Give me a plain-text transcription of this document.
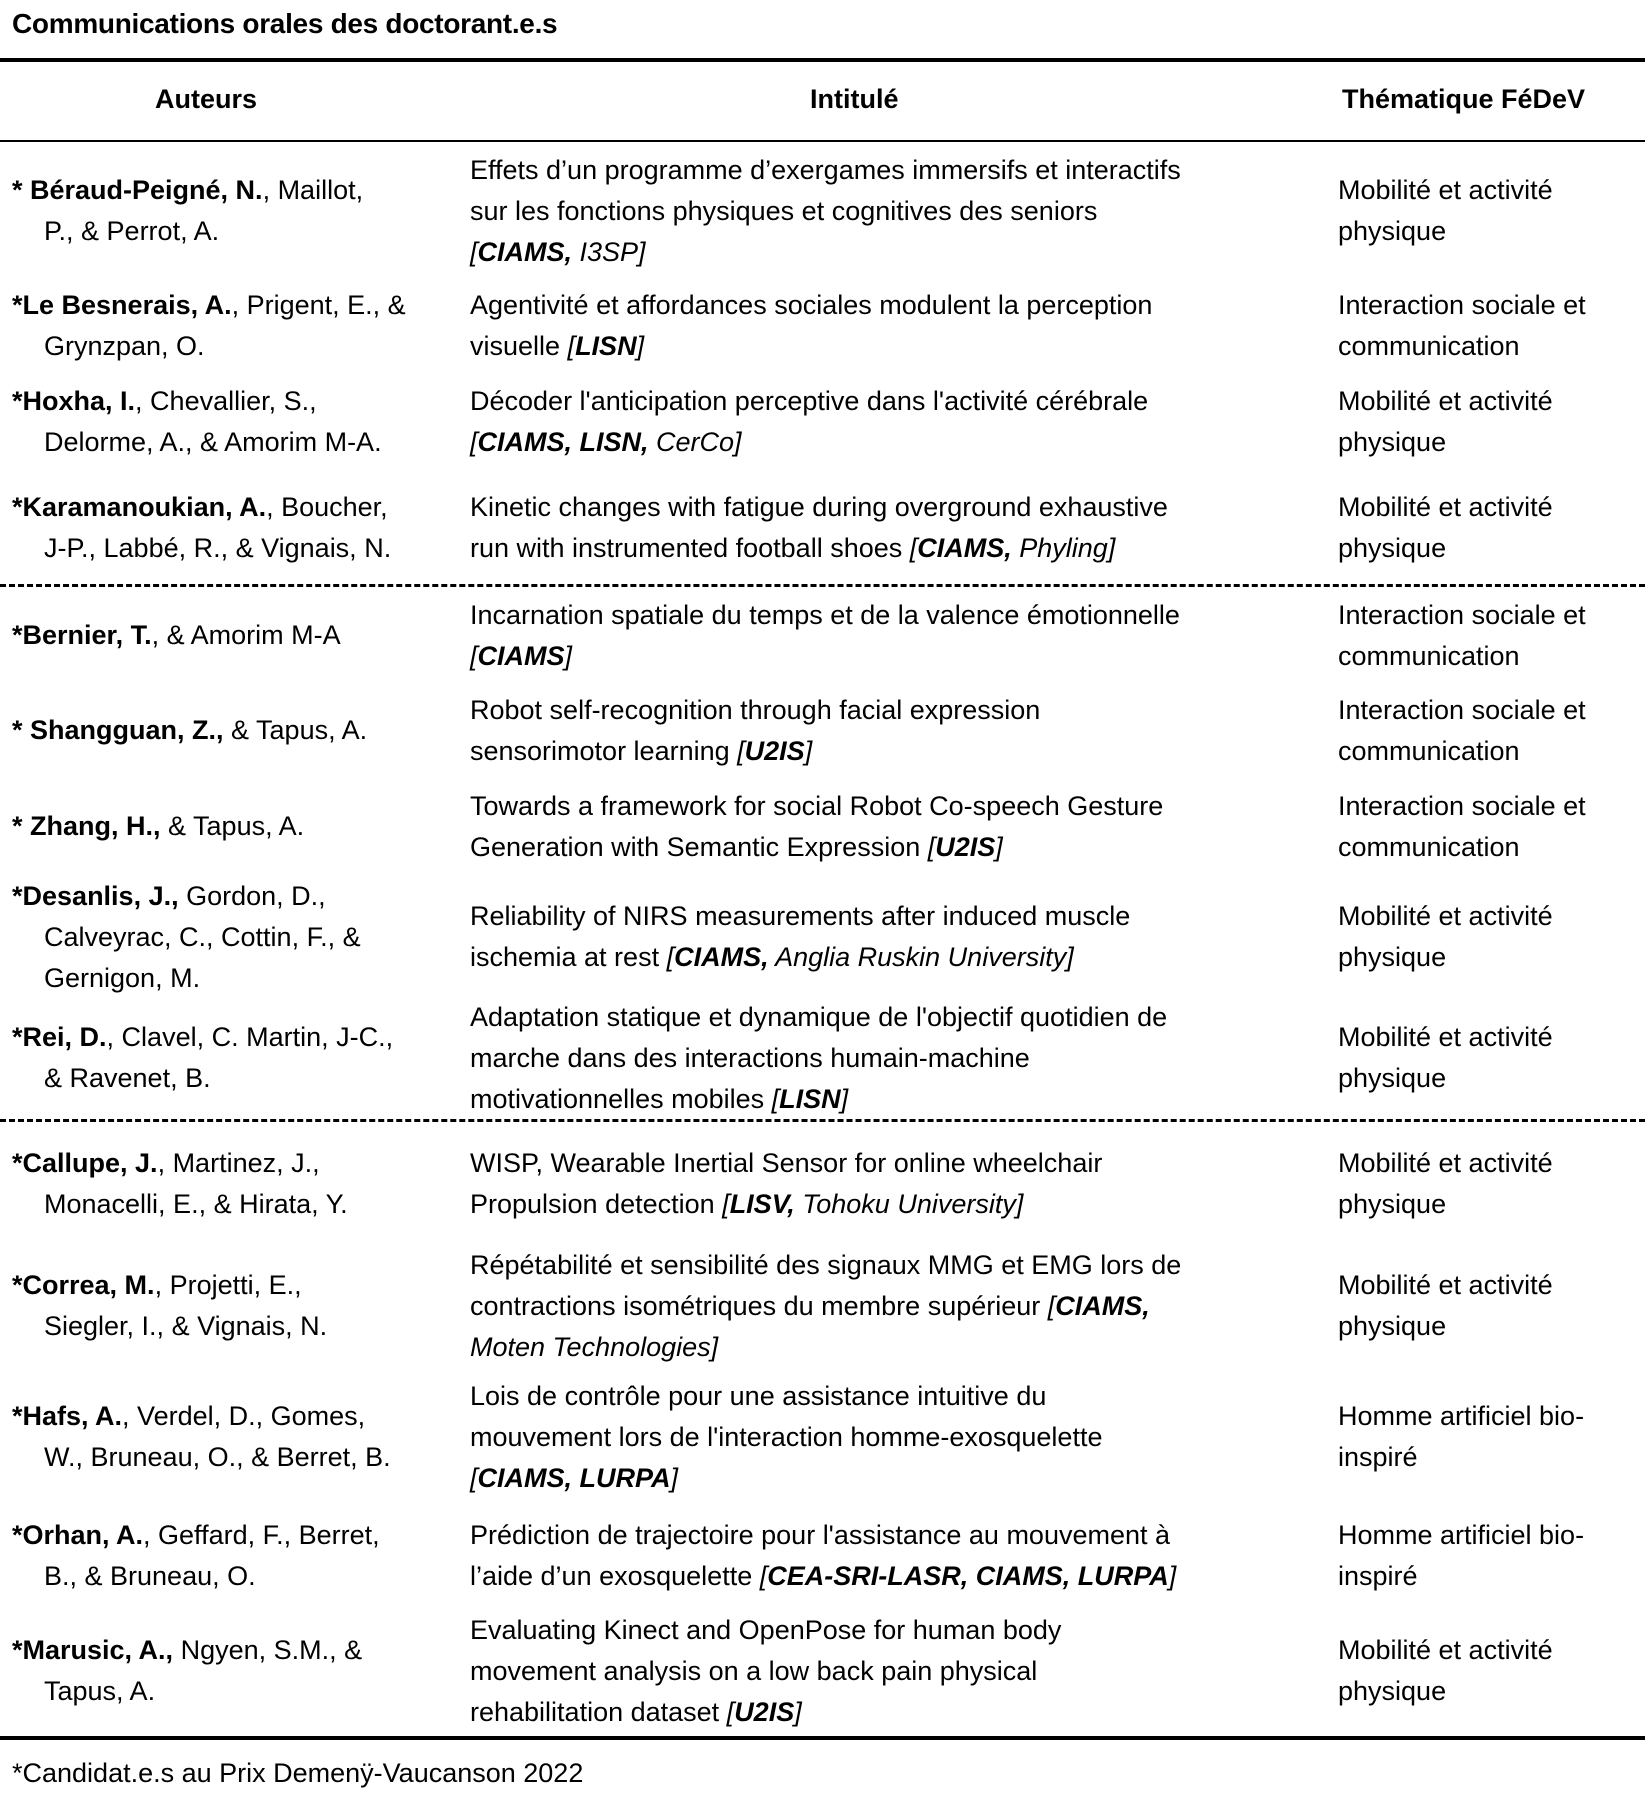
Communications orales des doctorant.e.s
Auteurs	Intitulé	Thématique FéDeV
* Béraud-Peigné, N., Maillot,
P., & Perrot, A.
Effets d’un programme d’exergames immersifs et interactifs
sur les fonctions physiques et cognitives des seniors
[CIAMS, I3SP]
Mobilité et activité
physique
*Le Besnerais, A., Prigent, E., &
Grynzpan, O.
Agentivité et affordances sociales modulent la perception
visuelle [LISN]
Interaction sociale et
communication
*Hoxha, I., Chevallier, S.,
Delorme, A., & Amorim M-A.
Décoder l'anticipation perceptive dans l'activité cérébrale
[CIAMS, LISN, CerCo]
Mobilité et activité
physique
*Karamanoukian, A., Boucher,
J-P., Labbé, R., & Vignais, N.
Kinetic changes with fatigue during overground exhaustive
run with instrumented football shoes [CIAMS, Phyling]
Mobilité et activité
physique
*Bernier, T., & Amorim M-A
Incarnation spatiale du temps et de la valence émotionnelle
[CIAMS]
Interaction sociale et
communication
* Shangguan, Z., & Tapus, A.
Robot self-recognition through facial expression
sensorimotor learning [U2IS]
Interaction sociale et
communication
* Zhang, H., & Tapus, A.
Towards a framework for social Robot Co-speech Gesture
Generation with Semantic Expression [U2IS]
Interaction sociale et
communication
*Desanlis, J., Gordon, D.,
Calveyrac, C., Cottin, F., &
Gernigon, M.
Reliability of NIRS measurements after induced muscle
ischemia at rest [CIAMS, Anglia Ruskin University]
Mobilité et activité
physique
*Rei, D., Clavel, C. Martin, J-C.,
& Ravenet, B.
Adaptation statique et dynamique de l'objectif quotidien de
marche dans des interactions humain-machine
motivationnelles mobiles [LISN]
Mobilité et activité
physique
*Callupe, J., Martinez, J.,
Monacelli, E., & Hirata, Y.
WISP, Wearable Inertial Sensor for online wheelchair
Propulsion detection [LISV, Tohoku University]
Mobilité et activité
physique
*Correa, M., Projetti, E.,
Siegler, I., & Vignais, N.
Répétabilité et sensibilité des signaux MMG et EMG lors de
contractions isométriques du membre supérieur [CIAMS,
Moten Technologies]
Mobilité et activité
physique
*Hafs, A., Verdel, D., Gomes,
W., Bruneau, O., & Berret, B.
Lois de contrôle pour une assistance intuitive du
mouvement lors de l'interaction homme-exosquelette
[CIAMS, LURPA]
Homme artificiel bio-
inspiré
*Orhan, A., Geffard, F., Berret,
B., & Bruneau, O.
Prédiction de trajectoire pour l'assistance au mouvement à
l’aide d’un exosquelette [CEA-SRI-LASR, CIAMS, LURPA]
Homme artificiel bio-
inspiré
*Marusic, A., Ngyen, S.M., &
Tapus, A.
Evaluating Kinect and OpenPose for human body
movement analysis on a low back pain physical
rehabilitation dataset [U2IS]
Mobilité et activité
physique
*Candidat.e.s au Prix Demenÿ-Vaucanson 2022
